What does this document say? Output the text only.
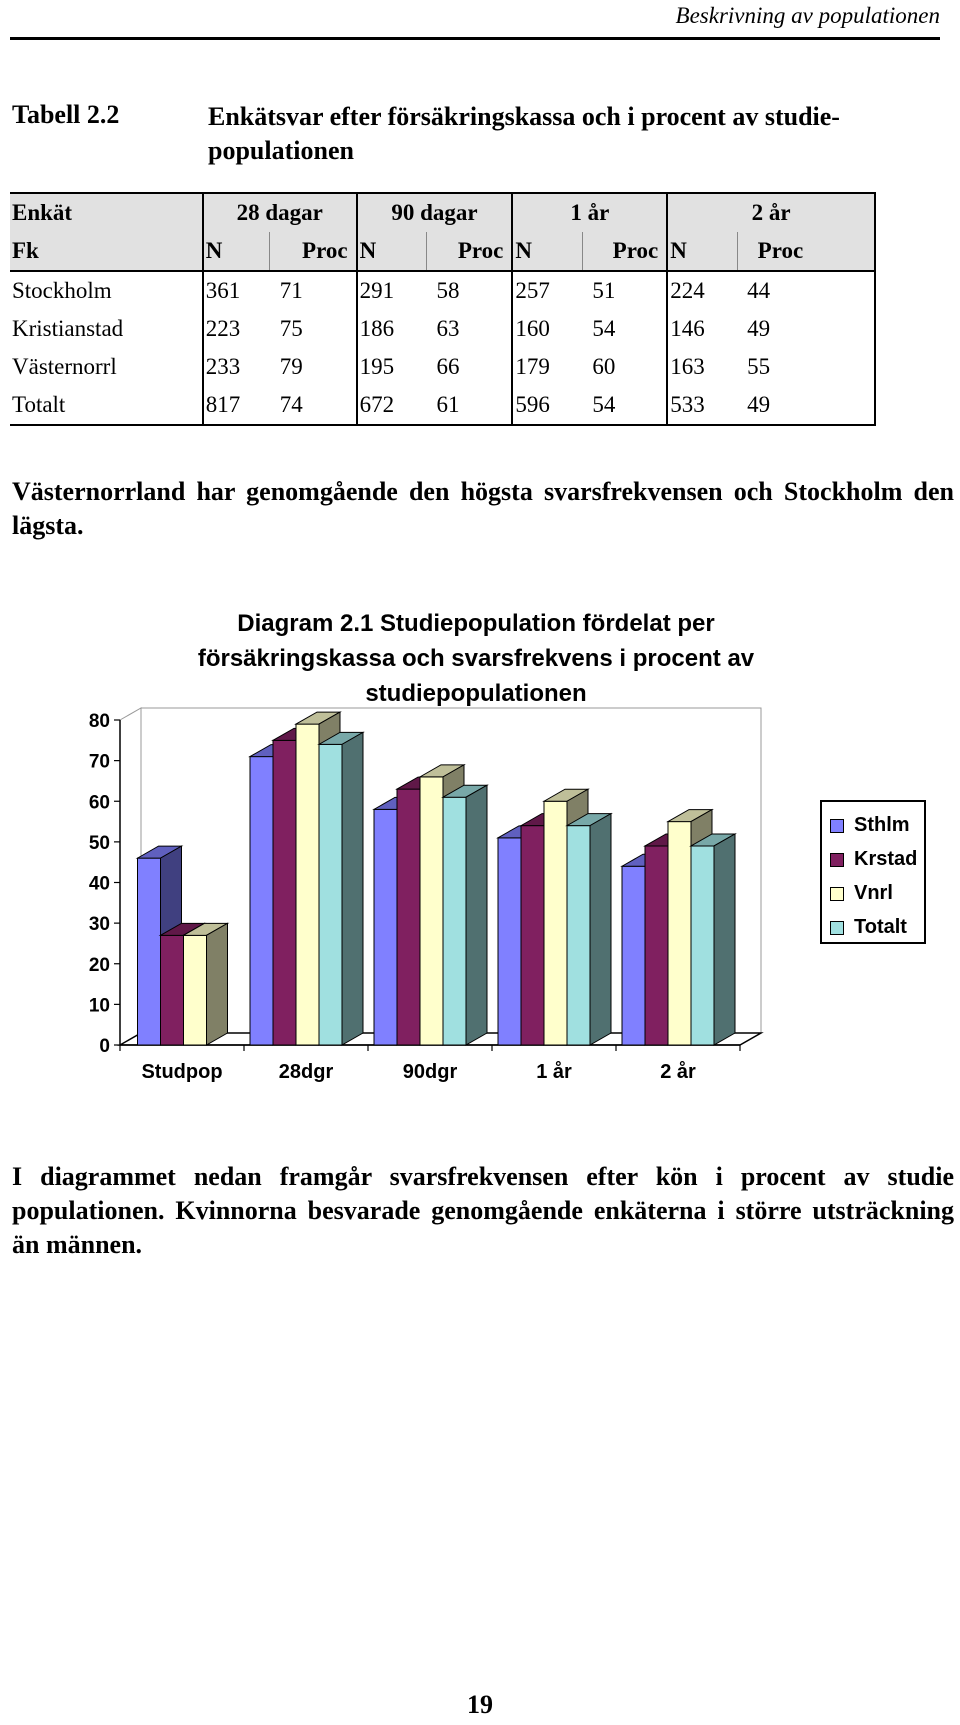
Beskrivning av populationen
Tabell 2.2	Enkätsvar efter försäkringskassa och i procent av studie-populationen
Enkät	28 dagar		90 dagar		1 år		2 år	
Fk	N	Proc	N	Proc	N	Proc	N	Proc
Stockholm	361	71	291	58	257	51	224	44
Kristianstad	223	75	186	63	160	54	146	49
Västernorrl	233	79	195	66	179	60	163	55
Totalt	817	74	672	61	596	54	533	49
Västernorrland har genomgående den högsta svarsfrekvensen och Stockholm den lägsta.
Diagram 2.1 Studiepopulation fördelat per försäkringskassa och svarsfrekvens i procent av studiepopulationen
0
10
20
30
40
50
60
70
80
Studpop	28dgr	90dgr	1 år	2 år
Sthlm
Krstad
Vnrl
Totalt
I diagrammet nedan framgår svarsfrekvensen efter kön i procent av studie populationen. Kvinnorna besvarade genomgående enkäterna i större utsträckning än männen.
19
